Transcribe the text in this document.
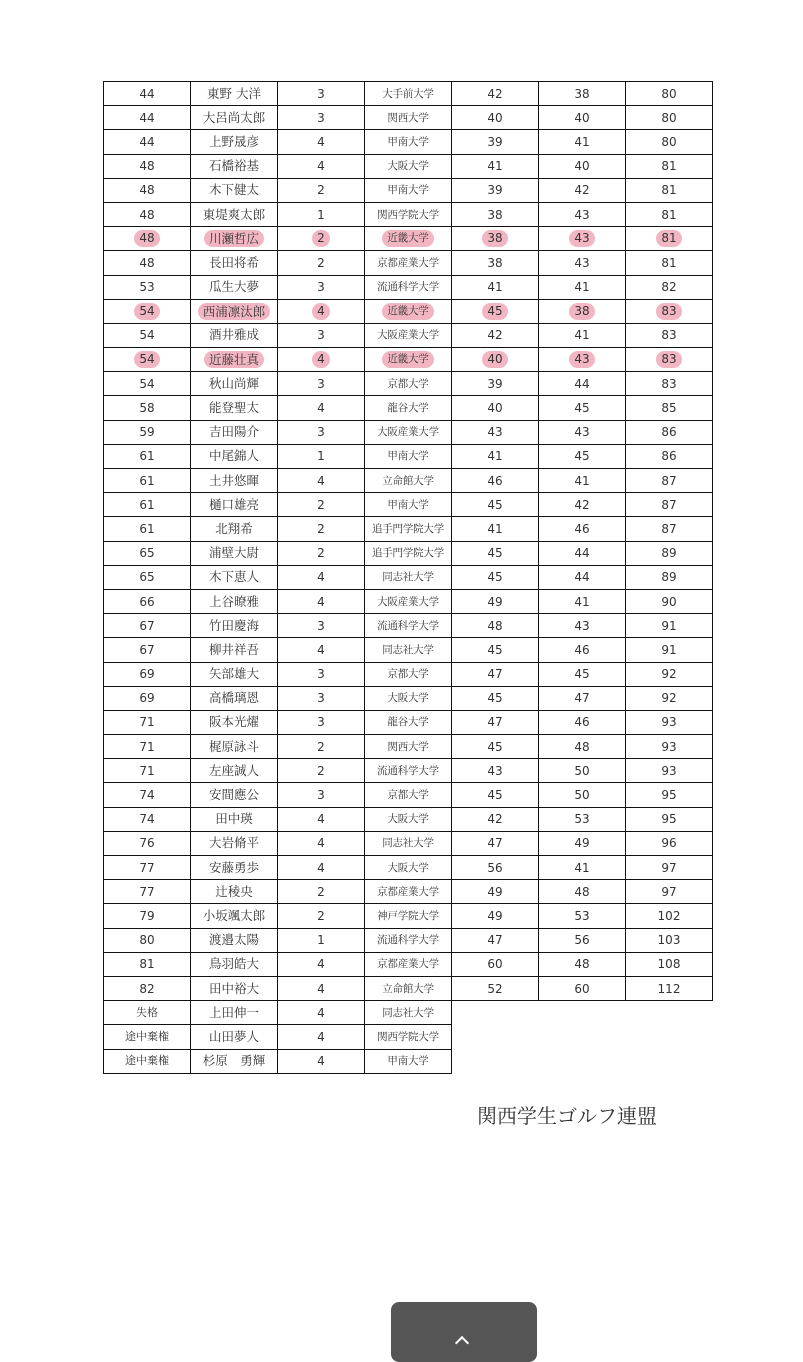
44	東野 大洋	3	大手前大学	42	38	80
44	大呂尚太郎	3	関西大学	40	40	80
44	上野晟彦	4	甲南大学	39	41	80
48	石橋裕基	4	大阪大学	41	40	81
48	木下健太	2	甲南大学	39	42	81
48	東堤爽太郎	1	関西学院大学	38	43	81
48	川瀬哲広	2	近畿大学	38	43	81
48	長田将希	2	京都産業大学	38	43	81
53	瓜生大夢	3	流通科学大学	41	41	82
54	西浦凛汰郎	4	近畿大学	45	38	83
54	酒井雅成	3	大阪産業大学	42	41	83
54	近藤壮真	4	近畿大学	40	43	83
54	秋山尚輝	3	京都大学	39	44	83
58	能登聖太	4	龍谷大学	40	45	85
59	吉田陽介	3	大阪産業大学	43	43	86
61	中尾錦人	1	甲南大学	41	45	86
61	土井悠暉	4	立命館大学	46	41	87
61	樋口雄亮	2	甲南大学	45	42	87
61	北翔希	2	追手門学院大学	41	46	87
65	浦壁大尉	2	追手門学院大学	45	44	89
65	木下恵人	4	同志社大学	45	44	89
66	上谷暸雅	4	大阪産業大学	49	41	90
67	竹田慶海	3	流通科学大学	48	43	91
67	柳井祥吾	4	同志社大学	45	46	91
69	矢部雄大	3	京都大学	47	45	92
69	高橋璃恩	3	大阪大学	45	47	92
71	阪本光燿	3	龍谷大学	47	46	93
71	梶原詠斗	2	関西大学	45	48	93
71	左座誠人	2	流通科学大学	43	50	93
74	安間應公	3	京都大学	45	50	95
74	田中瑛	4	大阪大学	42	53	95
76	大岩脩平	4	同志社大学	47	49	96
77	安藤勇歩	4	大阪大学	56	41	97
77	辻稜央	2	京都産業大学	49	48	97
79	小坂颯太郎	2	神戸学院大学	49	53	102
80	渡邉太陽	1	流通科学大学	47	56	103
81	鳥羽皓大	4	京都産業大学	60	48	108
82	田中裕大	4	立命館大学	52	60	112
失格	上田伸一	4	同志社大学			
途中棄権	山田夢人	4	関西学院大学			
途中棄権	杉原　勇輝	4	甲南大学			
関西学生ゴルフ連盟
